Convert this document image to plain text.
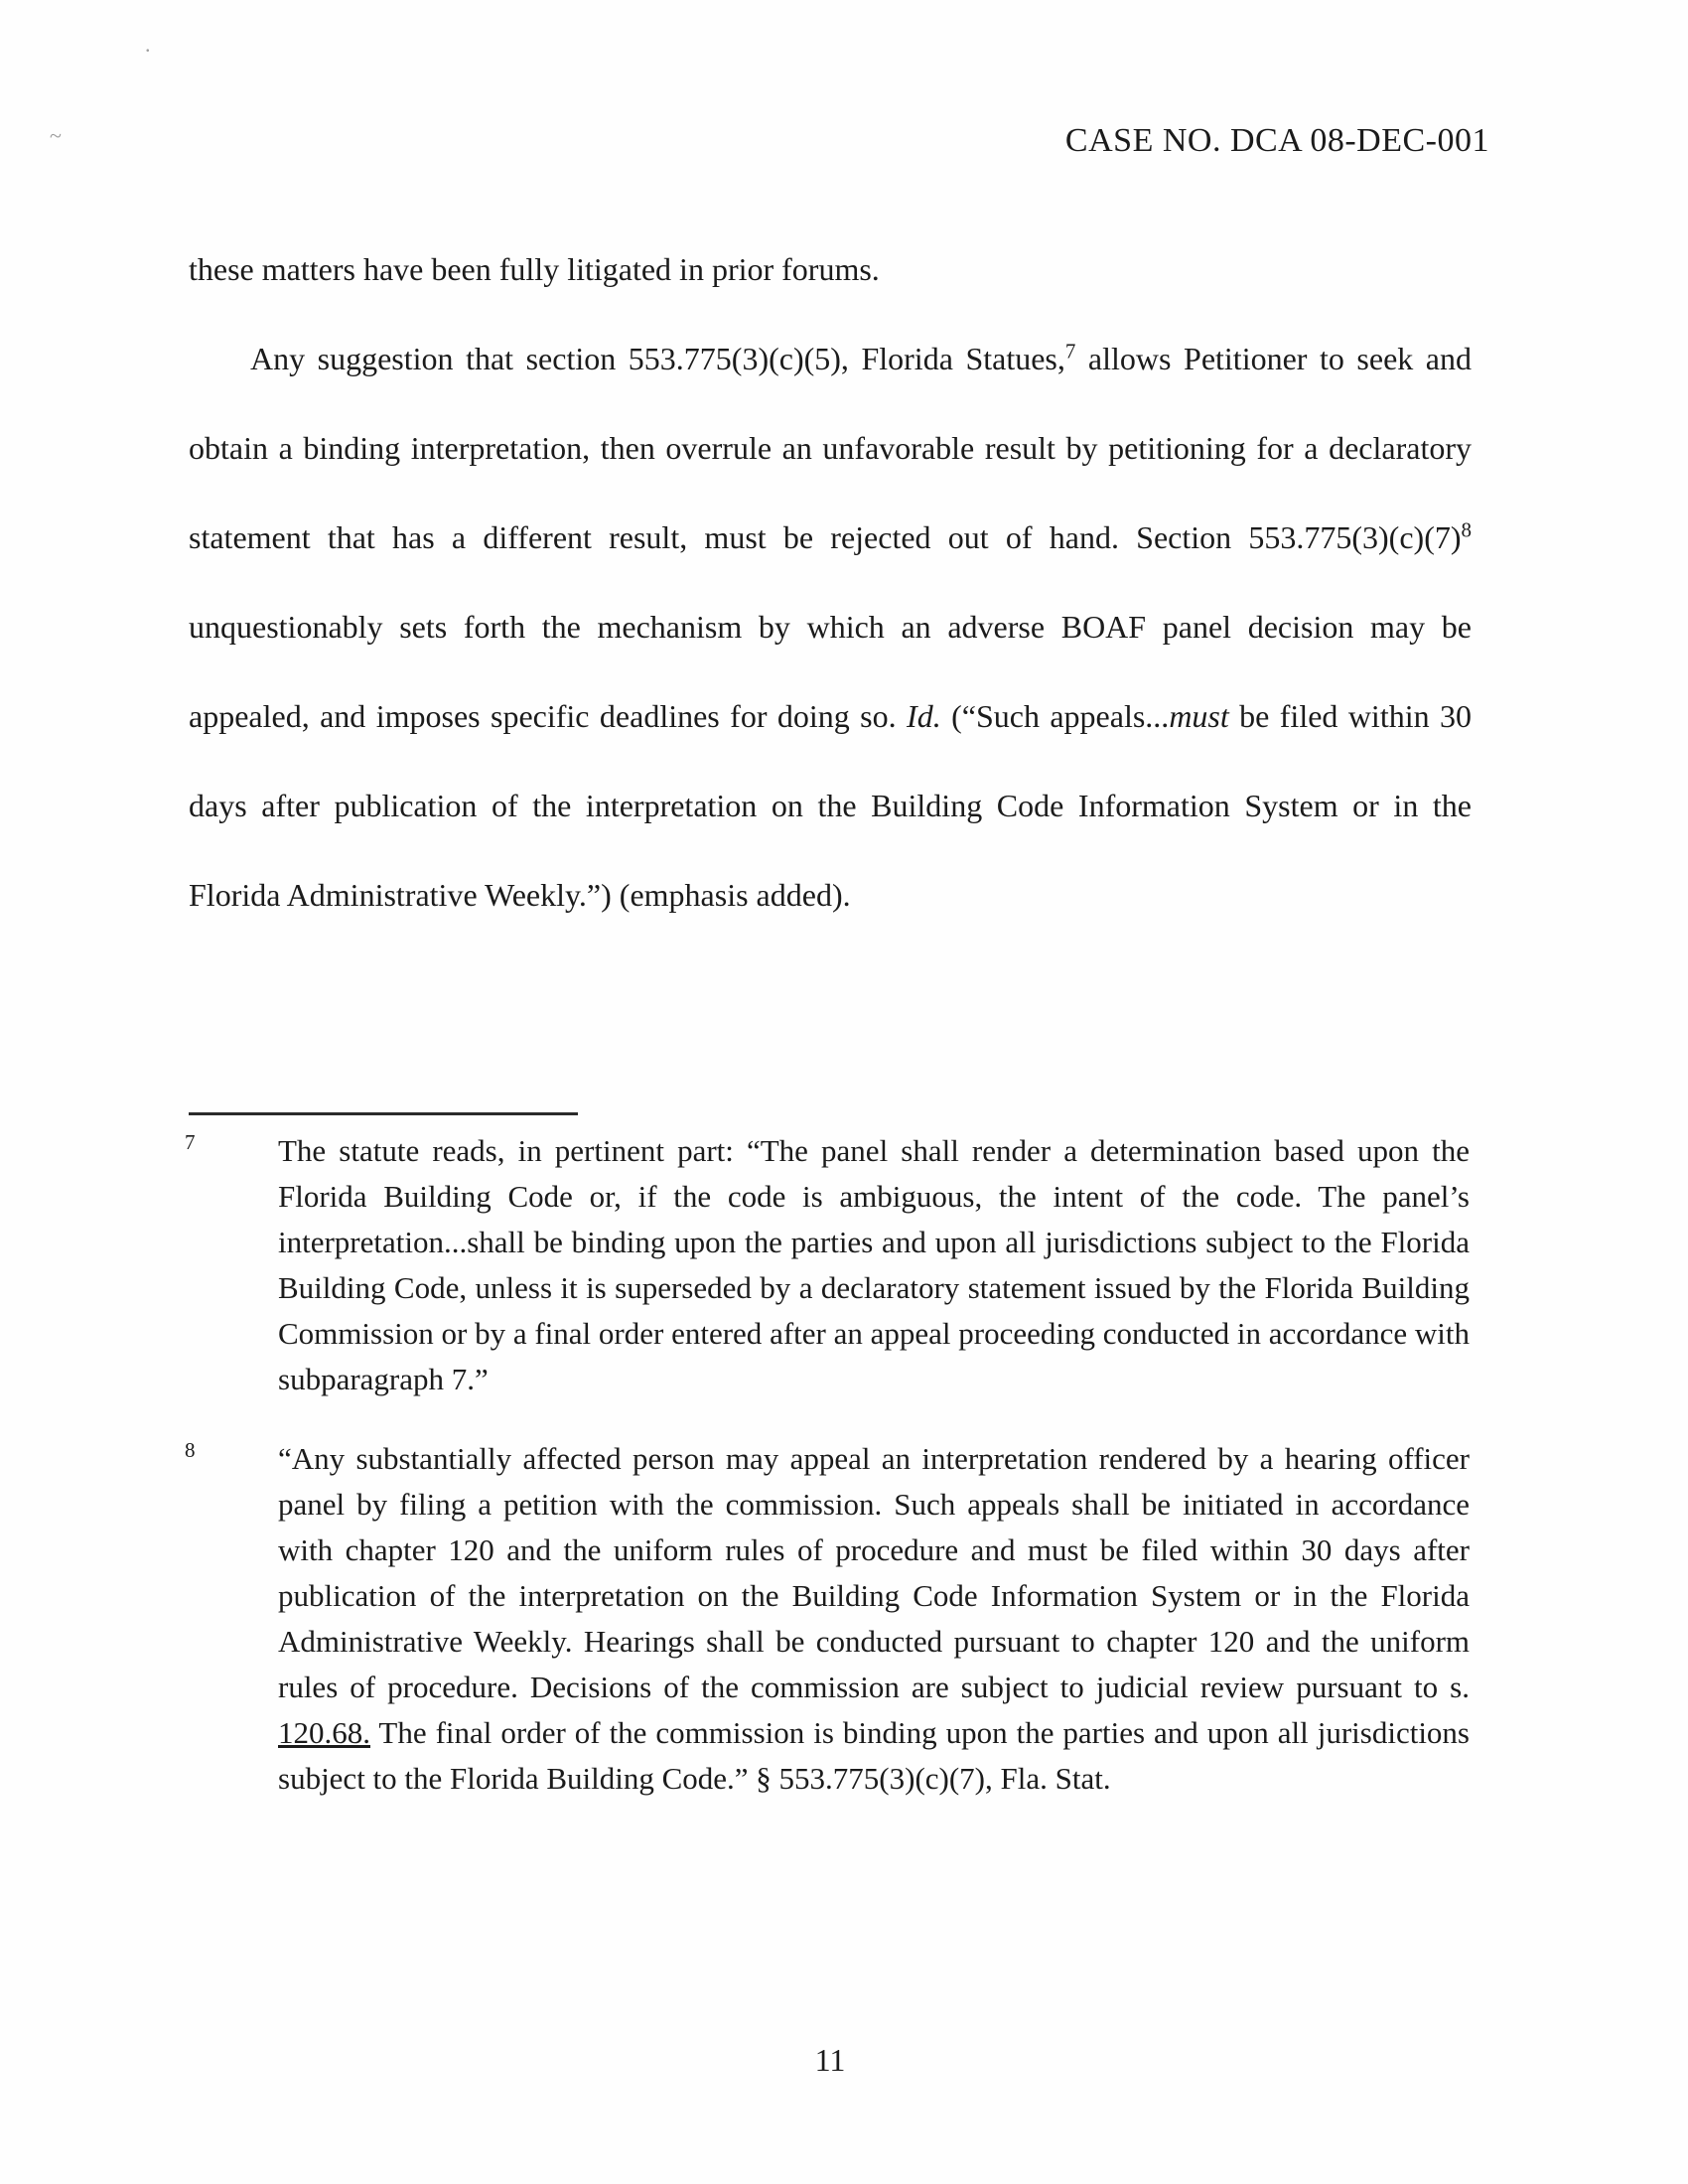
.
~	CASE NO. DCA 08-DEC-001

these matters have been fully litigated in prior forums.

Any suggestion that section 553.775(3)(c)(5), Florida Statues,$^7$ allows Petitioner to seek and obtain a binding interpretation, then overrule an unfavorable result by petitioning for a declaratory statement that has a different result, must be rejected out of hand. Section 553.775(3)(c)(7)$^8$ unquestionably sets forth the mechanism by which an adverse BOAF panel decision may be appealed, and imposes specific deadlines for doing so. Id. (“Such appeals...must be filed within 30 days after publication of the interpretation on the Building Code Information System or in the Florida Administrative Weekly.”) (emphasis added).

7	The statute reads, in pertinent part: “The panel shall render a determination based upon the Florida Building Code or, if the code is ambiguous, the intent of the code. The panel’s interpretation...shall be binding upon the parties and upon all jurisdictions subject to the Florida Building Code, unless it is superseded by a declaratory statement issued by the Florida Building Commission or by a final order entered after an appeal proceeding conducted in accordance with subparagraph 7.”

8	“Any substantially affected person may appeal an interpretation rendered by a hearing officer panel by filing a petition with the commission. Such appeals shall be initiated in accordance with chapter 120 and the uniform rules of procedure and must be filed within 30 days after publication of the interpretation on the Building Code Information System or in the Florida Administrative Weekly. Hearings shall be conducted pursuant to chapter 120 and the uniform rules of procedure. Decisions of the commission are subject to judicial review pursuant to s. 120.68. The final order of the commission is binding upon the parties and upon all jurisdictions subject to the Florida Building Code.” § 553.775(3)(c)(7), Fla. Stat.

11
